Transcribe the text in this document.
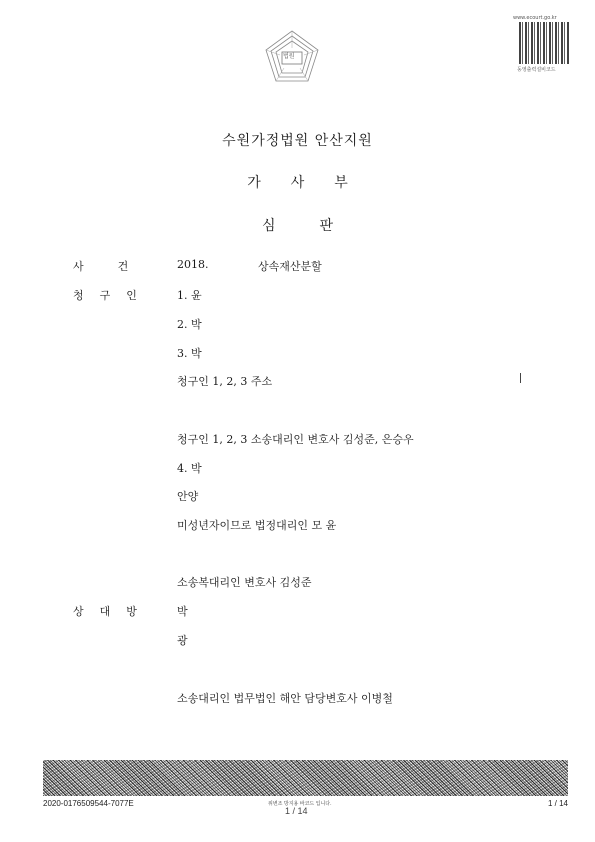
법원
www.ecourt.go.kr
동영출력설비코드
수원가정법원 안산지원
가사부
심판
사건 2018.	상속재산분할
청구인 1. 윤
2. 박
3. 박
청구인 1, 2, 3 주소
청구인 1, 2, 3 소송대리인 변호사 김성준, 은승우
4. 박
안양
미성년자이므로 법정대리인 모 윤
소송복대리인 변호사 김성준
상대방 박
광
소송대리인 법무법인 해안 담당변호사 이병철
2020-0176509544-7077E	위변조 방지용 바코드 입니다.	1 / 14
1 / 14
